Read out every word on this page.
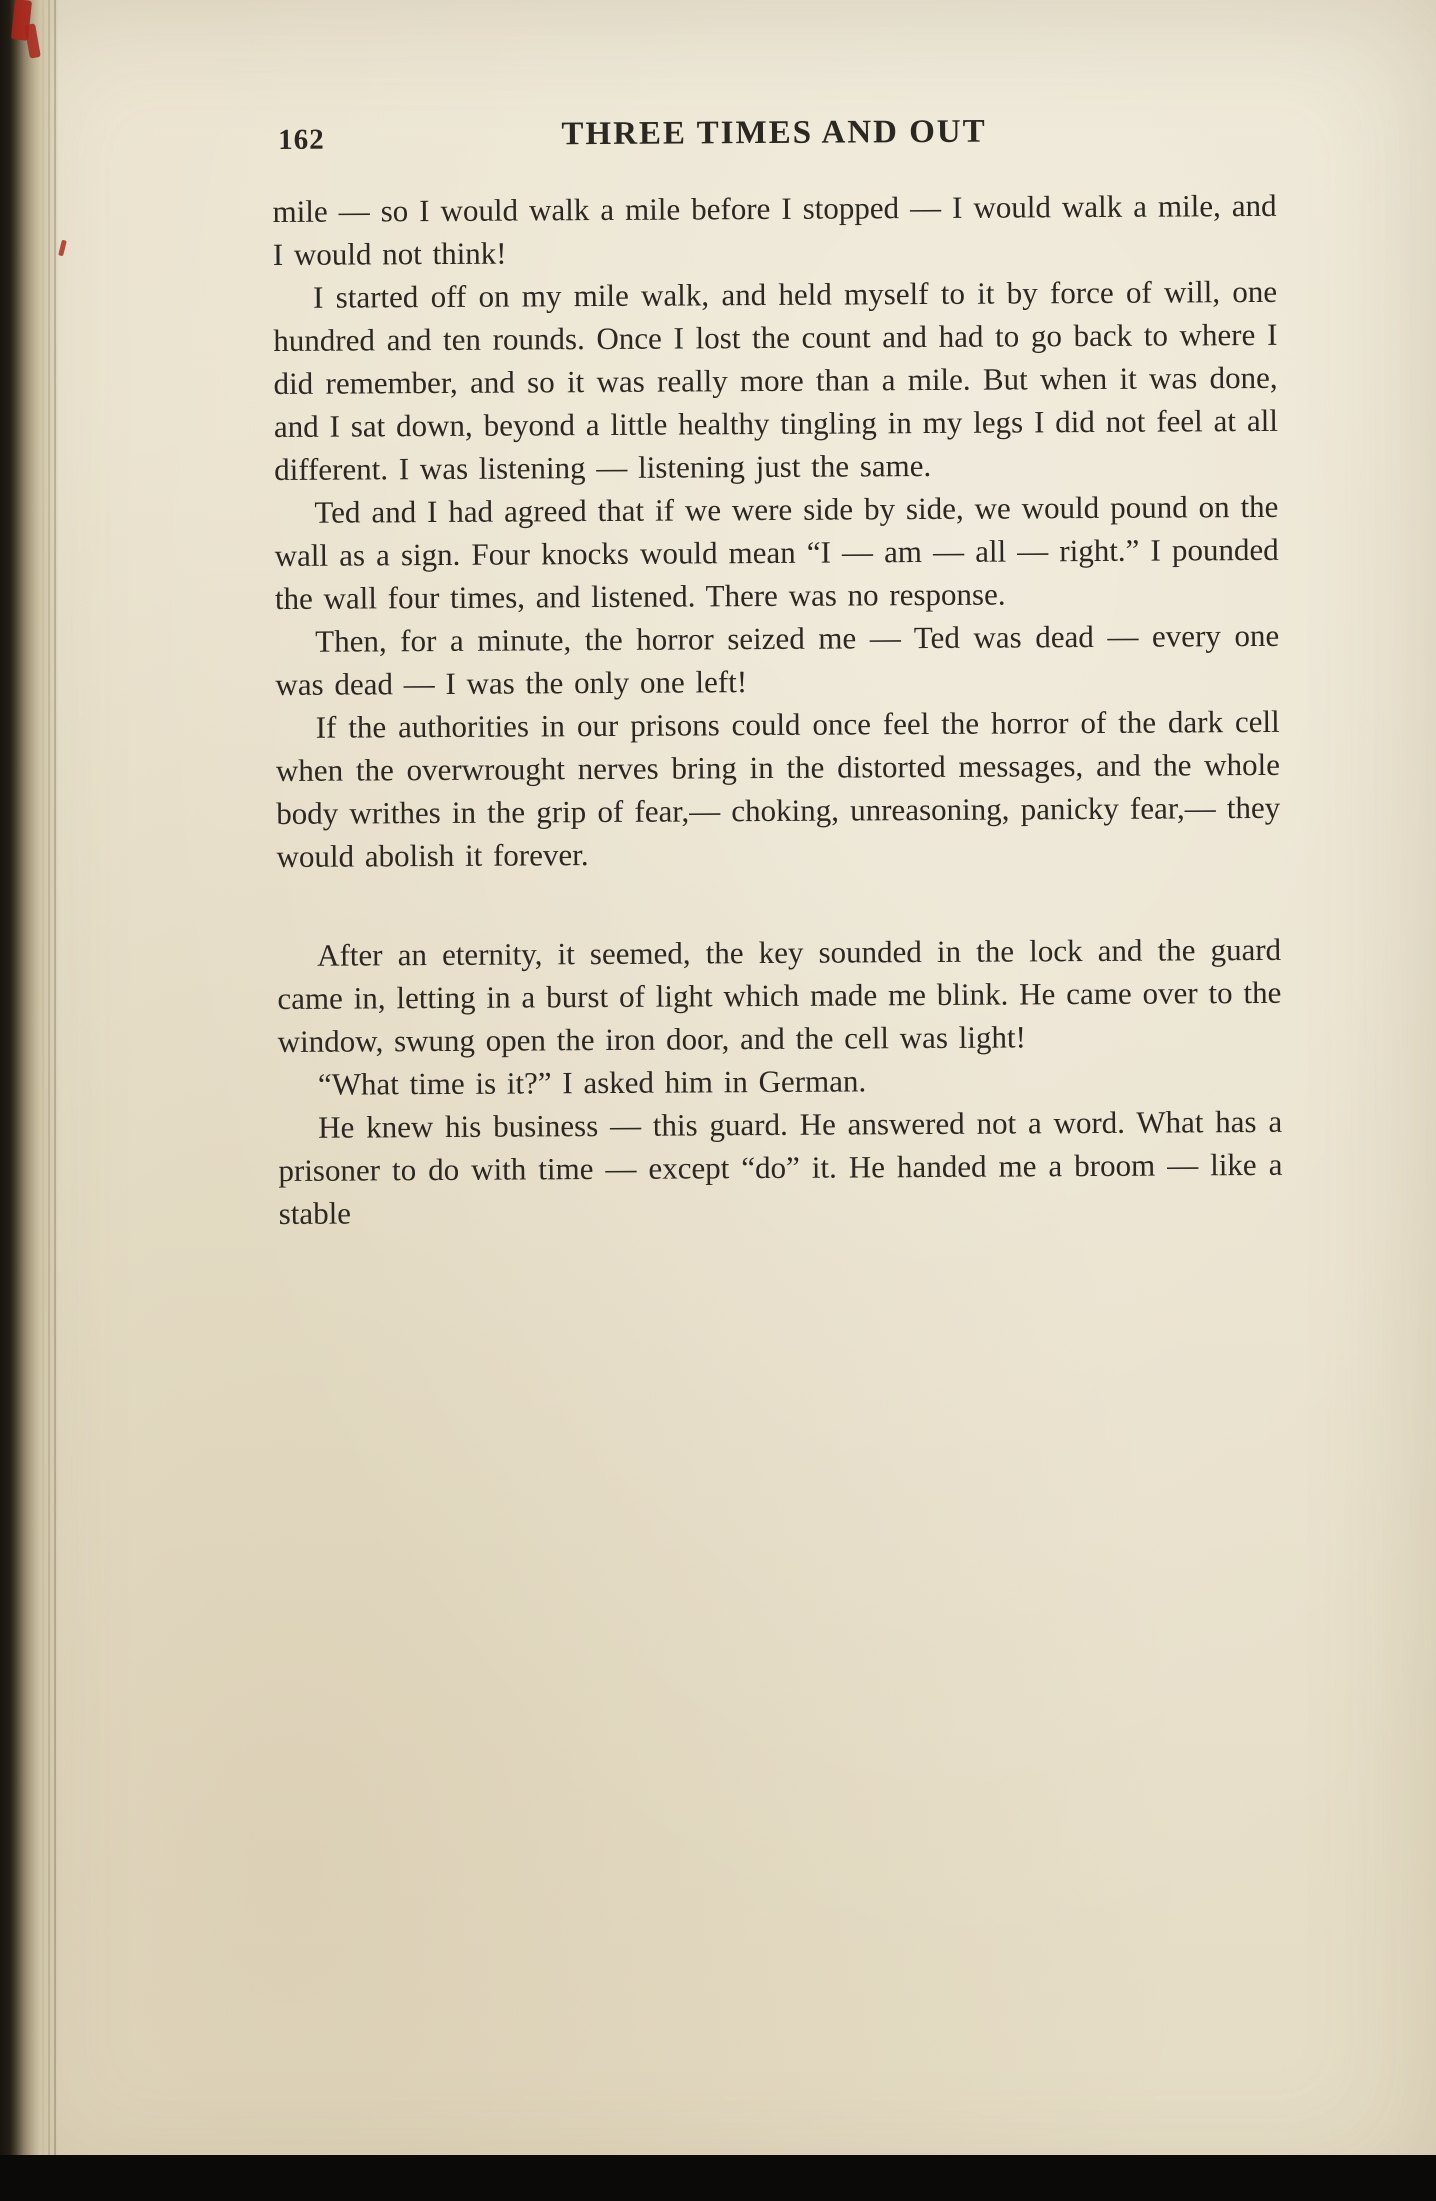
162	THREE TIMES AND OUT

mile — so I would walk a mile before I stopped — I would walk a mile, and I would not think!

I started off on my mile walk, and held myself to it by force of will, one hundred and ten rounds. Once I lost the count and had to go back to where I did remember, and so it was really more than a mile. But when it was done, and I sat down, beyond a little healthy tingling in my legs I did not feel at all different. I was listening — listening just the same.

Ted and I had agreed that if we were side by side, we would pound on the wall as a sign. Four knocks would mean “I — am — all — right.” I pounded the wall four times, and listened. There was no response.

Then, for a minute, the horror seized me — Ted was dead — every one was dead — I was the only one left!

If the authorities in our prisons could once feel the horror of the dark cell when the overwrought nerves bring in the distorted messages, and the whole body writhes in the grip of fear,— choking, unreasoning, panicky fear,— they would abolish it forever.

After an eternity, it seemed, the key sounded in the lock and the guard came in, letting in a burst of light which made me blink. He came over to the window, swung open the iron door, and the cell was light!

“What time is it?” I asked him in German.

He knew his business — this guard. He answered not a word. What has a prisoner to do with time — except “do” it. He handed me a broom — like a stable
